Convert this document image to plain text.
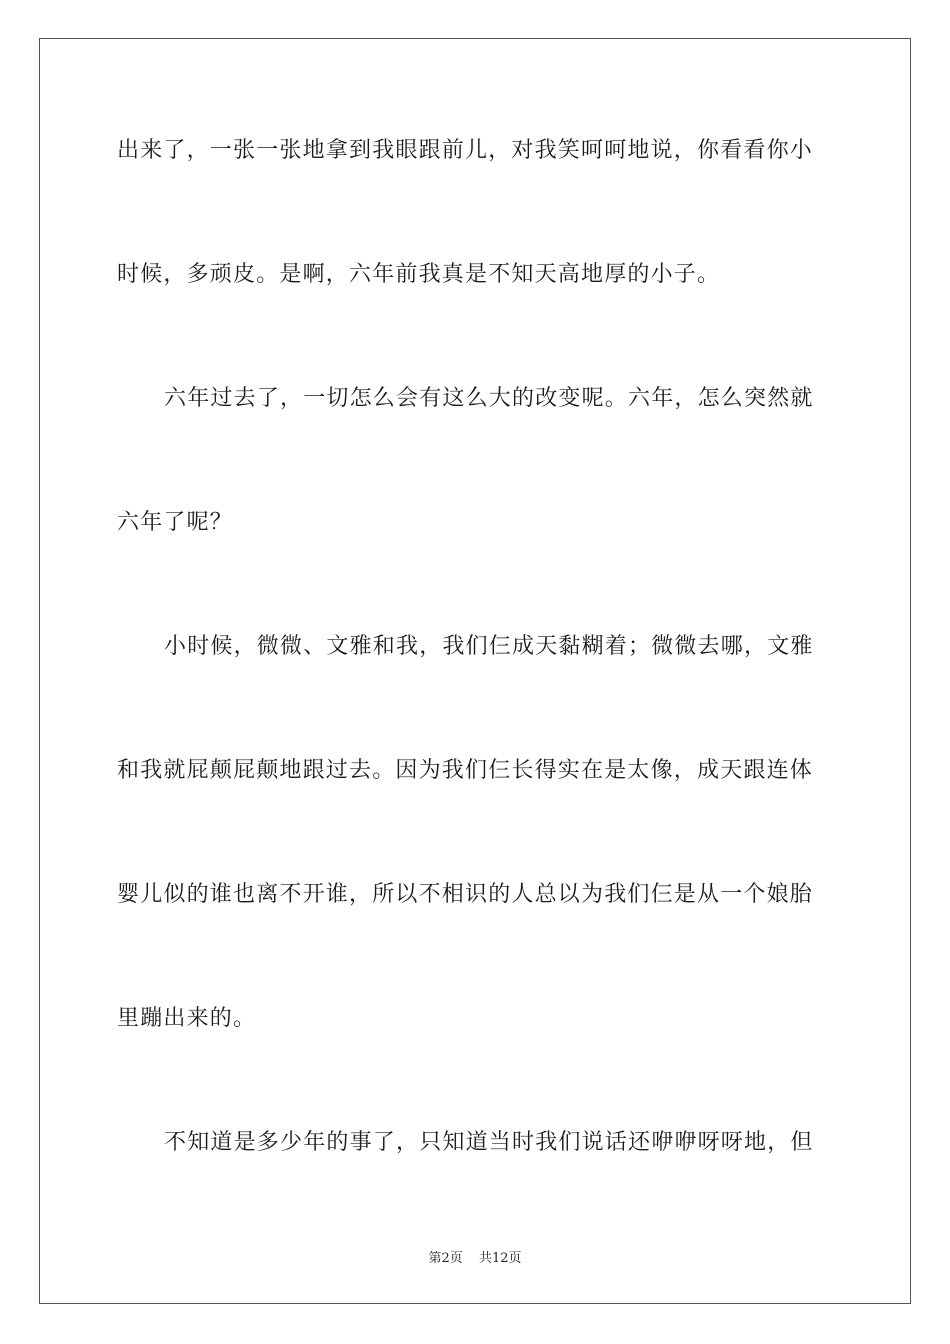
出来了，一张一张地拿到我眼跟前儿，对我笑呵呵地说，你看看你小
时候，多顽皮。是啊，六年前我真是不知天高地厚的小子。
六年过去了，一切怎么会有这么大的改变呢。六年，怎么突然就
六年了呢？
小时候，微微、文雅和我，我们仨成天黏糊着；微微去哪，文雅
和我就屁颠屁颠地跟过去。因为我们仨长得实在是太像，成天跟连体
婴儿似的谁也离不开谁，所以不相识的人总以为我们仨是从一个娘胎
里蹦出来的。
不知道是多少年的事了，只知道当时我们说话还咿咿呀呀地，但
第2页 共12页
